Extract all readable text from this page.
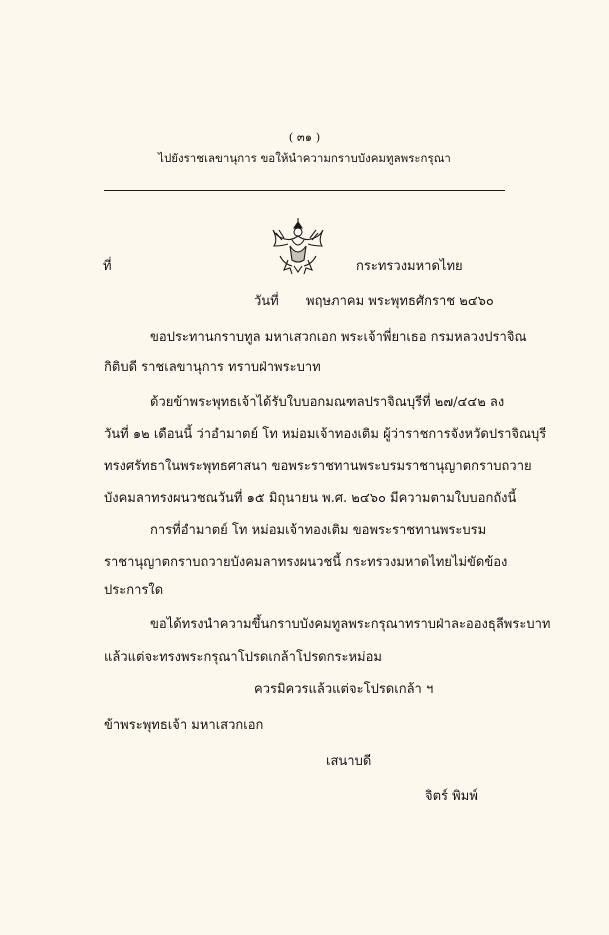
( ๓๑ )
ไปยังราชเลขานุการ ขอให้นำความกราบบังคมทูลพระกรุณา
ที่	กระทรวงมหาดไทย
วันที่ พฤษภาคม พระพุทธศักราช ๒๔๖๐
ขอประทานกราบทูล มหาเสวกเอก พระเจ้าพี่ยาเธอ กรมหลวงปราจิณ
กิติบดี ราชเลขานุการ ทราบฝ่าพระบาท
ด้วยข้าพระพุทธเจ้าได้รับใบบอกมณฑลปราจิณบุรีที่ ๒๗/๔๔๒ ลง
วันที่ ๑๒ เดือนนี้ ว่าอำมาตย์ โท หม่อมเจ้าทองเติม ผู้ว่าราชการจังหวัดปราจิณบุรี
ทรงศรัทธาในพระพุทธศาสนา ขอพระราชทานพระบรมราชานุญาตกราบถวาย
บังคมลาทรงผนวชณวันที่ ๑๕ มิถุนายน พ.ศ. ๒๔๖๐ มีความตามใบบอกถังนี้
การที่อำมาตย์ โท หม่อมเจ้าทองเติม ขอพระราชทานพระบรม
ราชานุญาตกราบถวายบังคมลาทรงผนวชนี้ กระทรวงมหาดไทยไม่ขัดข้อง
ประการใด
ขอได้ทรงนำความขึ้นกราบบังคมทูลพระกรุณาทราบฝ่าละอองธุลีพระบาท
แล้วแต่จะทรงพระกรุณาโปรดเกล้าโปรดกระหม่อม
ควรมิควรแล้วแต่จะโปรดเกล้า ฯ
ข้าพระพุทธเจ้า มหาเสวกเอก
เสนาบดี
จิตร์ พิมพ์
